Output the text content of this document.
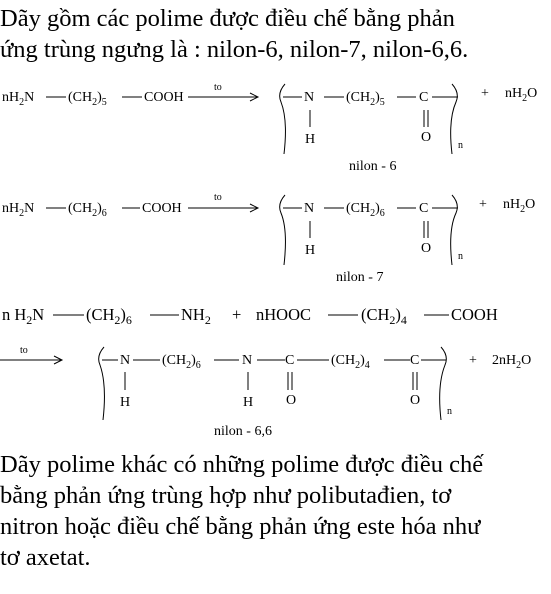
Dãy gồm các polime được điều chế bằng phản
ứng trùng ngưng là : nilon-6, nilon-7, nilon-6,6.
$nH_2N$ $(CH_2)_5$	COOH
to
N
H
$(CH_2)_5$ C
O
n
+ $nH_2O$
nilon - 6
$nH_2N$ $(CH_2)_6$	COOH
to
N
H
$(CH_2)_6$ C
O
n
+ $nH_2O$
nilon - 7
n $H_2N$	$(CH_2)_6$	$NH_2$ + nHOOC	$(CH_2)_4$	COOH
to
N
H
$(CH_2)_6$	N
H
C
O
$(CH_2)_4$	C
O
n
+ $2nH_2O$
nilon - 6,6
Dãy polime khác có những polime được điều chế
bằng phản ứng trùng hợp như polibutađien, tơ
nitron hoặc điều chế bằng phản ứng este hóa như
tơ axetat.
